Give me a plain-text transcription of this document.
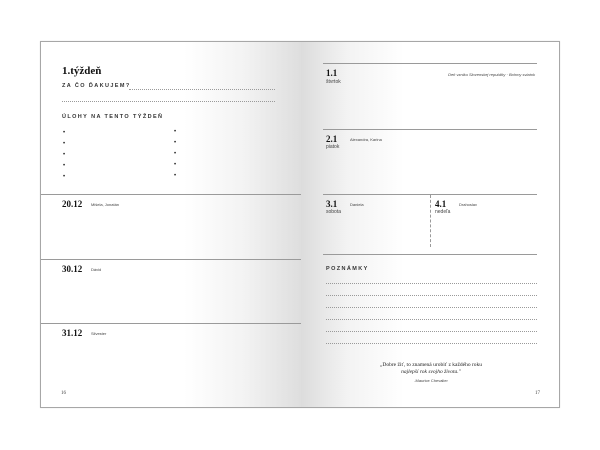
1.týždeň
ZA ČO ĎAKUJEM?
ÚLOHY NA TENTO TÝŽDEŇ
•
•
•
•
•
•
•
•
•
•
20.12 Mišela, Jonatán
30.12 Dávid
31.12 Silvester
16
1.1
štvrtok
Deň vzniku Slovenskej republiky · Bohmy sviatok
2.1	Alexandra, Karina
piatok
3.1	Daniela
sobota
4.1	Drahoslav
nedeľa
POZNÁMKY
„Dobre žiť, to znamená urobiť z každého roku
najlepší rok svojho života."
-Maurice Chevalier
17
